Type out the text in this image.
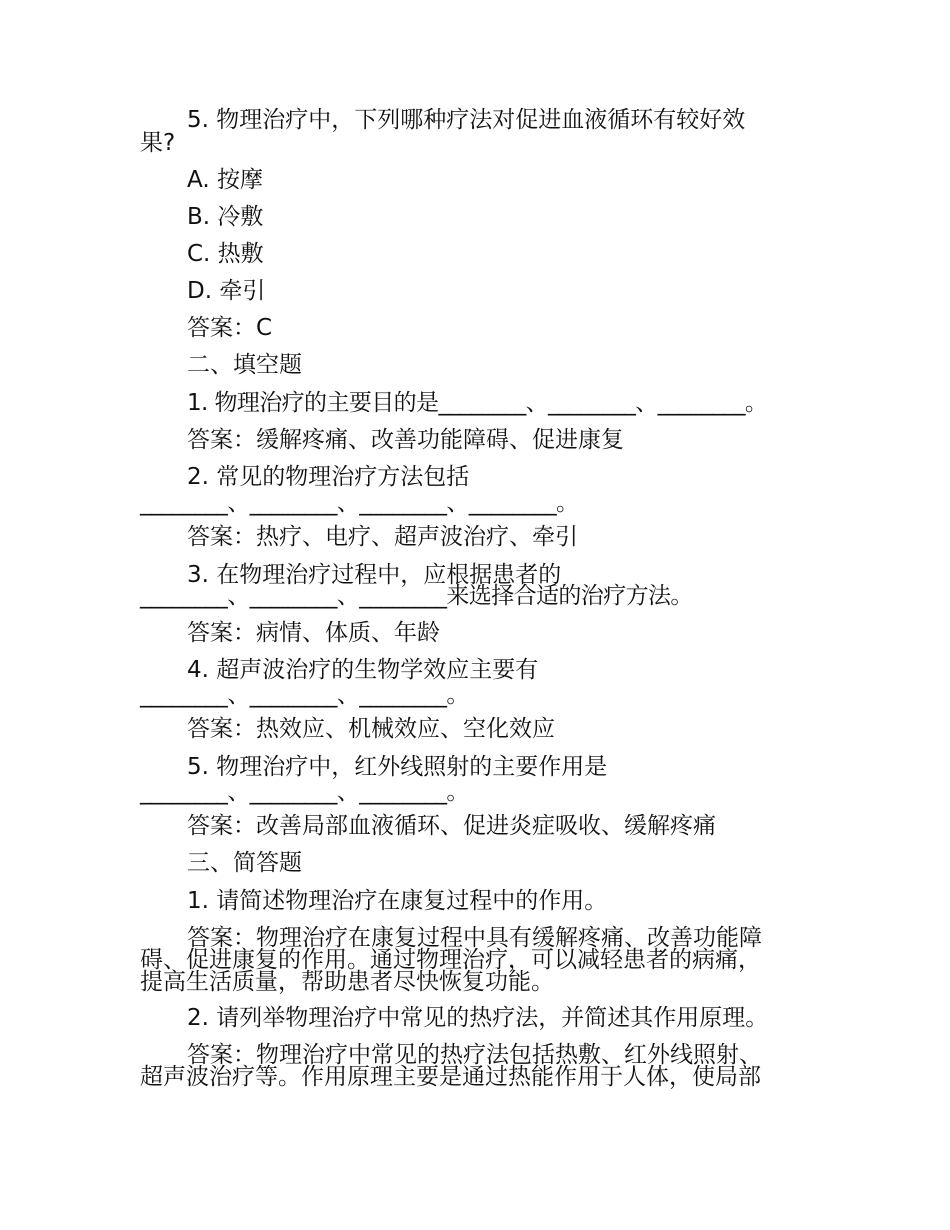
5. 物理治疗中，下列哪种疗法对促进血液循环有较好效
果?
A. 按摩
B. 冷敷
C. 热敷
D. 牵引
答案：C
二、填空题
1. 物理治疗的主要目的是________、________、________。
答案：缓解疼痛、改善功能障碍、促进康复
2. 常见的物理治疗方法包括
________、________、________、________。
答案：热疗、电疗、超声波治疗、牵引
3. 在物理治疗过程中，应根据患者的
________、________、________来选择合适的治疗方法。
答案：病情、体质、年龄
4. 超声波治疗的生物学效应主要有
________、________、________。
答案：热效应、机械效应、空化效应
5. 物理治疗中，红外线照射的主要作用是
________、________、________。
答案：改善局部血液循环、促进炎症吸收、缓解疼痛
三、简答题
1. 请简述物理治疗在康复过程中的作用。
答案：物理治疗在康复过程中具有缓解疼痛、改善功能障
碍、促进康复的作用。通过物理治疗，可以减轻患者的病痛，
提高生活质量，帮助患者尽快恢复功能。
2. 请列举物理治疗中常见的热疗法，并简述其作用原理。
答案：物理治疗中常见的热疗法包括热敷、红外线照射、
超声波治疗等。作用原理主要是通过热能作用于人体，使局部
